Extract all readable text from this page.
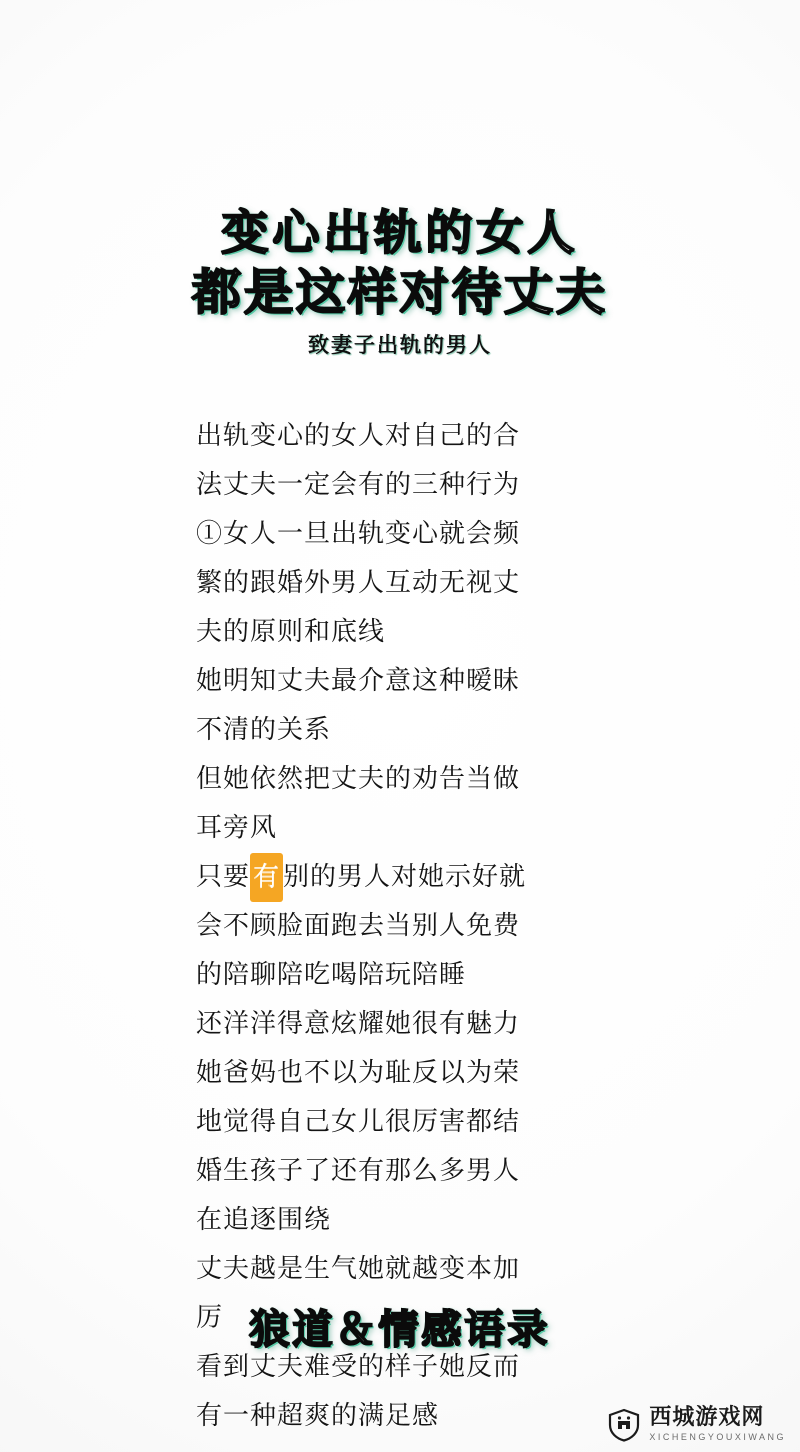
变心出轨的女人
都是这样对待丈夫
致妻子出轨的男人
出轨变心的女人对自己的合
法丈夫一定会有的三种行为
①女人一旦出轨变心就会频
繁的跟婚外男人互动无视丈
夫的原则和底线
她明知丈夫最介意这种暧昧
不清的关系
但她依然把丈夫的劝告当做
耳旁风
只要 有 别的男人对她示好就
会不顾脸面跑去当别人免费
的陪聊陪吃喝陪玩陪睡
还洋洋得意炫耀她很有魅力
她爸妈也不以为耻反以为荣
地觉得自己女儿很厉害都结
婚生孩子了还有那么多男人
在追逐围绕
丈夫越是生气她就越变本加
厉
看到丈夫难受的样子她反而
有一种超爽的满足感
狼道＆情感语录
西城游戏网
XICHENGYOUXIWANG
